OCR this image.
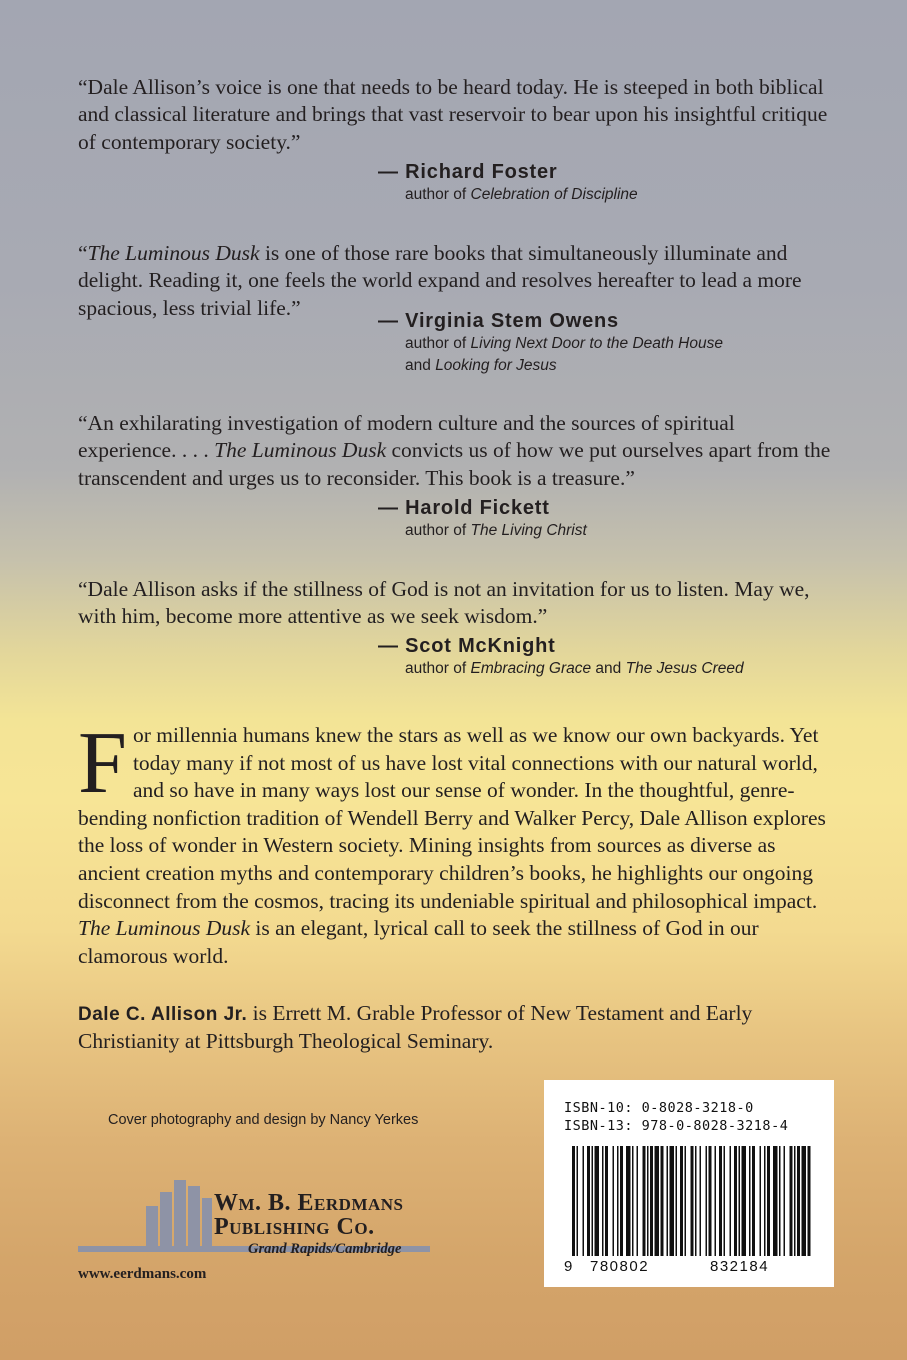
“Dale Allison’s voice is one that needs to be heard today. He is steeped in both biblical and classical literature and brings that vast reservoir to bear upon his insightful critique of contemporary society.”

— Richard Foster
author of Celebration of Discipline

“The Luminous Dusk is one of those rare books that simultaneously illuminate and delight. Reading it, one feels the world expand and resolves hereafter to lead a more spacious, less trivial life.”

— Virginia Stem Owens
author of Living Next Door to the Death House
and Looking for Jesus

“An exhilarating investigation of modern culture and the sources of spiritual experience. . . . The Luminous Dusk convicts us of how we put ourselves apart from the transcendent and urges us to reconsider. This book is a treasure.”

— Harold Fickett
author of The Living Christ

“Dale Allison asks if the stillness of God is not an invitation for us to listen. May we, with him, become more attentive as we seek wisdom.”

— Scot McKnight
author of Embracing Grace and The Jesus Creed

For millennia humans knew the stars as well as we know our own backyards. Yet today many if not most of us have lost vital connections with our natural world, and so have in many ways lost our sense of wonder. In the thoughtful, genre-bending nonfiction tradition of Wendell Berry and Walker Percy, Dale Allison explores the loss of wonder in Western society. Mining insights from sources as diverse as ancient creation myths and contemporary children’s books, he highlights our ongoing disconnect from the cosmos, tracing its undeniable spiritual and philosophical impact. The Luminous Dusk is an elegant, lyrical call to seek the stillness of God in our clamorous world.

Dale C. Allison Jr. is Errett M. Grable Professor of New Testament and Early Christianity at Pittsburgh Theological Seminary.

Cover photography and design by Nancy Yerkes
Wm. B. Eerdmans
Publishing Co.
Grand Rapids/Cambridge
www.eerdmans.com
ISBN-10: 0-8028-3218-0
ISBN-13: 978-0-8028-3218-4
9 780802	832184
